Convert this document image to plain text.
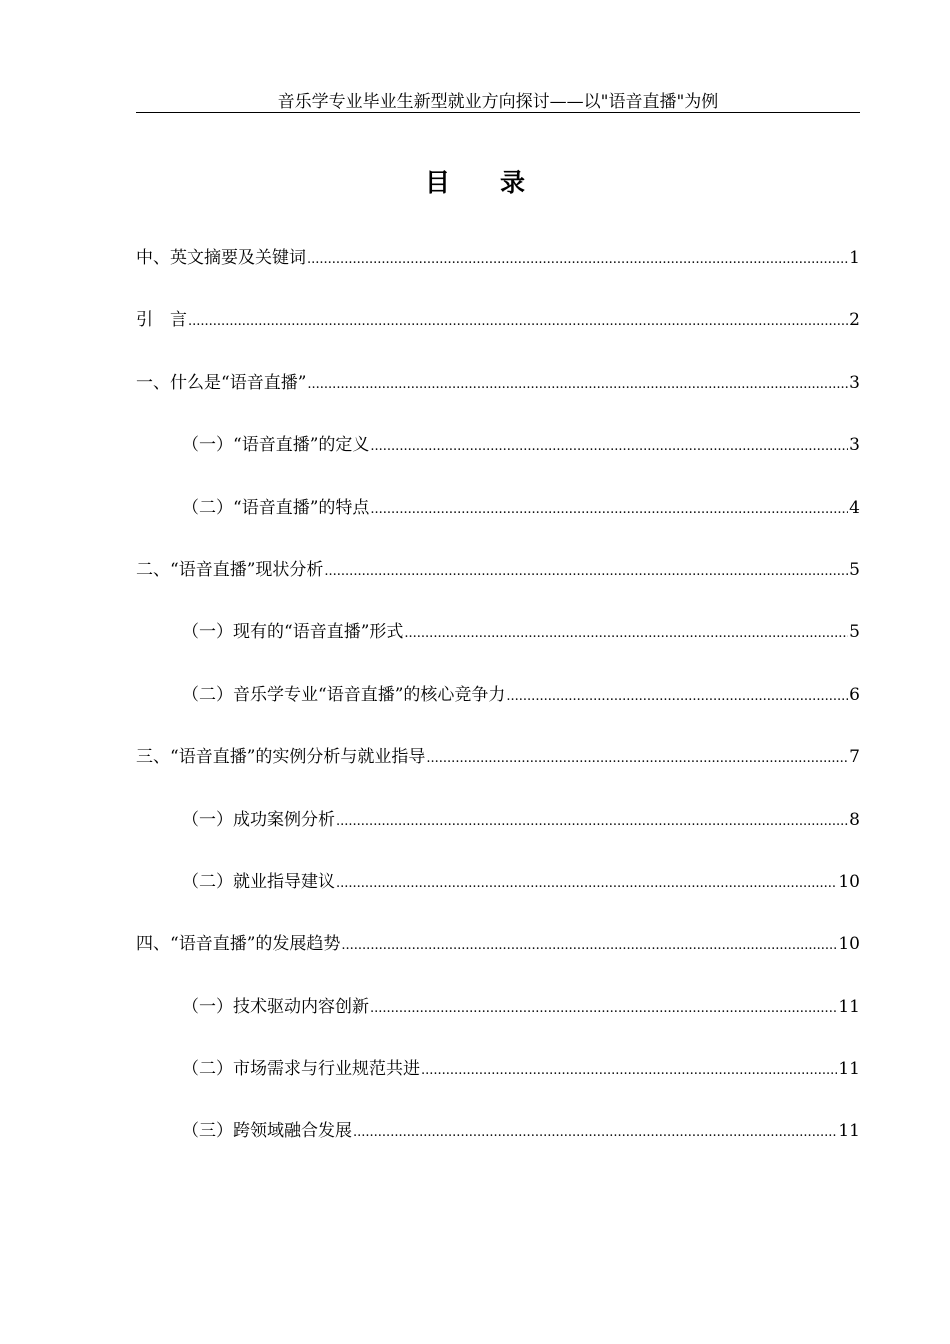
音乐学专业毕业生新型就业方向探讨——以"语音直播"为例
目录
中、英文摘要及关键词 .....	1
引　言 .....	2
一、什么是“语音直播” .....	3
（一）“语音直播”的定义 .....	3
（二）“语音直播”的特点 .....	4
二、“语音直播”现状分析 .....	5
（一）现有的“语音直播”形式 .....	5
（二）音乐学专业“语音直播”的核心竞争力 .....	6
三、“语音直播”的实例分析与就业指导 .....	7
（一）成功案例分析 .....	8
（二）就业指导建议 .....	10
四、“语音直播”的发展趋势 .....	10
（一）技术驱动内容创新 .....	11
（二）市场需求与行业规范共进 .....	11
（三）跨领域融合发展 .....	11
